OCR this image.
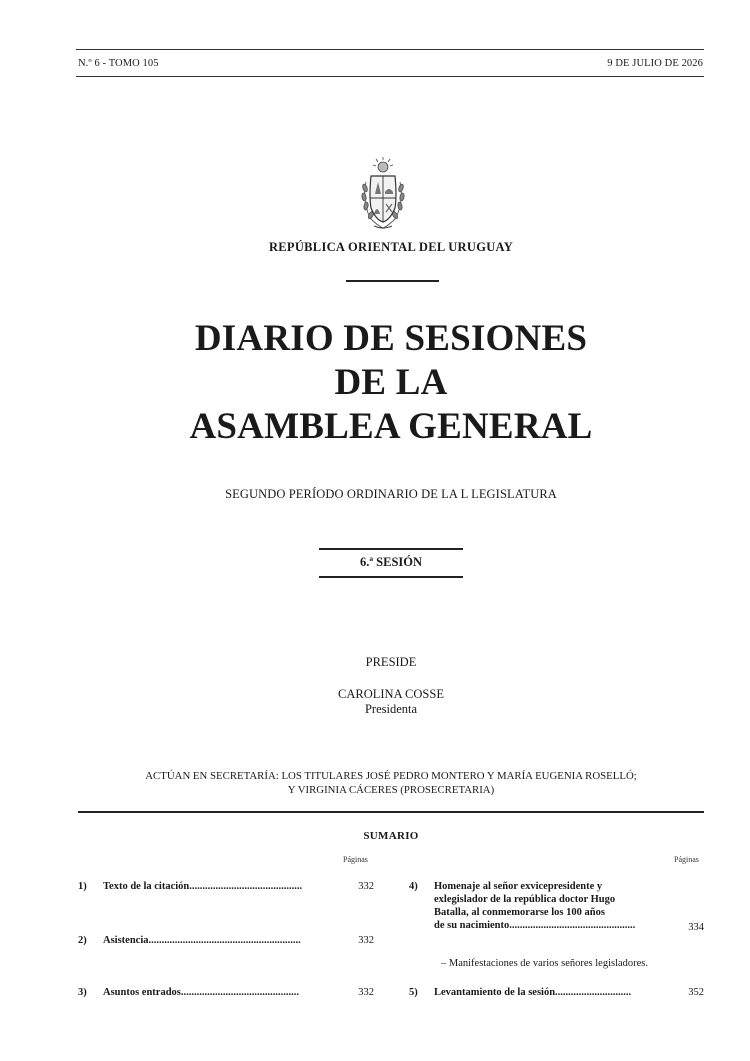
N.º 6 - TOMO 105	9 DE JULIO DE 2026
REPÚBLICA ORIENTAL DEL URUGUAY
DIARIO DE SESIONES
DE LA
ASAMBLEA GENERAL
SEGUNDO PERÍODO ORDINARIO DE LA L LEGISLATURA
6.ª SESIÓN
PRESIDE
CAROLINA COSSE
Presidenta
ACTÚAN EN SECRETARÍA: LOS TITULARES JOSÉ PEDRO MONTERO Y MARÍA EUGENIA ROSELLÓ;
Y VIRGINIA CÁCERES (PROSECRETARIA)
SUMARIO
Páginas	Páginas
1) Texto de la citación...........................................	332
2) Asistencia..........................................................	332
3) Asuntos entrados.............................................	332
4) Homenaje al señor exvicepresidente y
exlegislador de la república doctor Hugo
Batalla, al conmemorarse los 100 años
de su nacimiento................................................	334
– Manifestaciones de varios señores legisladores.
5) Levantamiento de la sesión.............................	352
